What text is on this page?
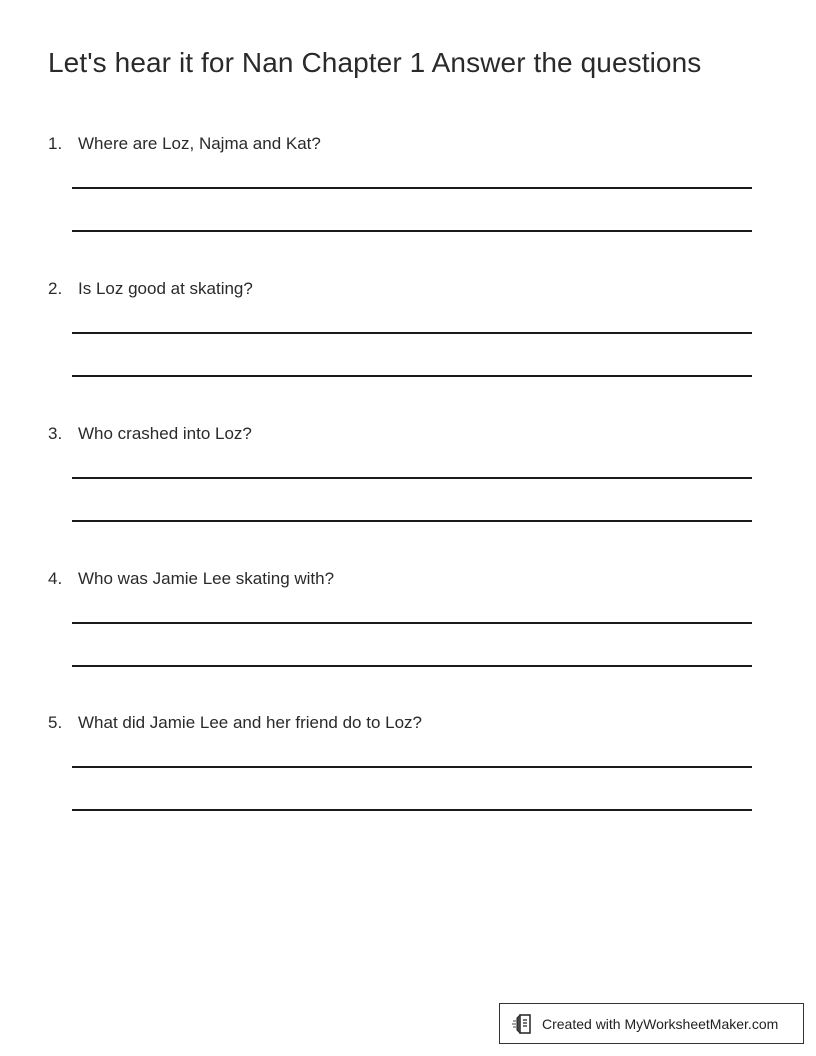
Let's hear it for Nan Chapter 1 Answer the questions
1. Where are Loz, Najma and Kat?
2. Is Loz good at skating?
3. Who crashed into Loz?
4. Who was Jamie Lee skating with?
5. What did Jamie Lee and her friend do to Loz?
Created with MyWorksheetMaker.com
